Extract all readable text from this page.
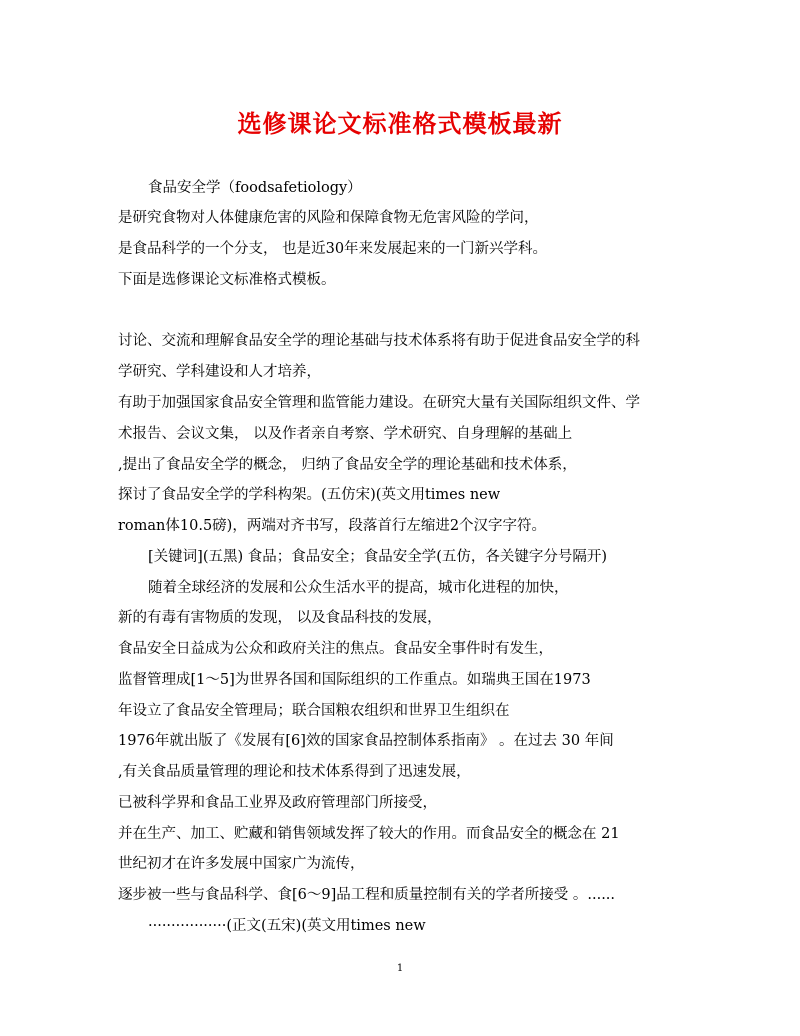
选修课论文标准格式模板最新
食品安全学（foodsafetiology）
是研究食物对人体健康危害的风险和保障食物无危害风险的学问，
是食品科学的一个分支， 也是近30年来发展起来的一门新兴学科。
下面是选修课论文标准格式模板。
讨论、交流和理解食品安全学的理论基础与技术体系将有助于促进食品安全学的科
学研究、学科建设和人才培养，
有助于加强国家食品安全管理和监管能力建设。在研究大量有关国际组织文件、学
术报告、会议文集， 以及作者亲自考察、学术研究、自身理解的基础上
,提出了食品安全学的概念， 归纳了食品安全学的理论基础和技术体系，
探讨了食品安全学的学科构架。(五仿宋)(英文用times new
roman体10.5磅)，两端对齐书写，段落首行左缩进2个汉字字符。
[关键词](五黑) 食品；食品安全；食品安全学(五仿，各关键字分号隔开)
随着全球经济的发展和公众生活水平的提高，城市化进程的加快，
新的有毒有害物质的发现， 以及食品科技的发展，
食品安全日益成为公众和政府关注的焦点。食品安全事件时有发生，
监督管理成[1～5]为世界各国和国际组织的工作重点。如瑞典王国在1973
年设立了食品安全管理局；联合国粮农组织和世界卫生组织在
1976年就出版了《发展有[6]效的国家食品控制体系指南》 。在过去 30 年间
,有关食品质量管理的理论和技术体系得到了迅速发展，
已被科学界和食品工业界及政府管理部门所接受，
并在生产、加工、贮藏和销售领域发挥了较大的作用。而食品安全的概念在 21
世纪初才在许多发展中国家广为流传，
逐步被一些与食品科学、食[6～9]品工程和质量控制有关的学者所接受 。......
·················(正文(五宋)(英文用times new
1
